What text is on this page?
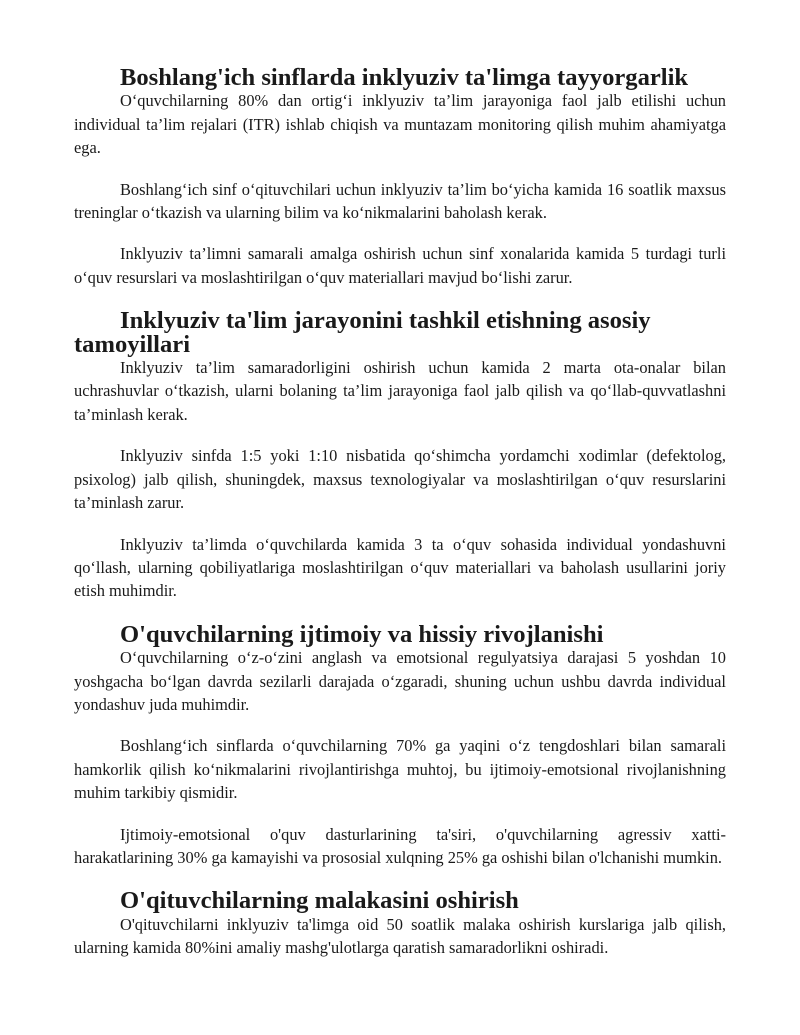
Boshlang'ich sinflarda inklyuziv ta'limga tayyorgarlik

O‘quvchilarning 80% dan ortig‘i inklyuziv ta’lim jarayoniga faol jalb etilishi uchun individual ta’lim rejalari (ITR) ishlab chiqish va muntazam monitoring qilish muhim ahamiyatga ega.

Boshlang‘ich sinf o‘qituvchilari uchun inklyuziv ta’lim bo‘yicha kamida 16 soatlik maxsus treninglar o‘tkazish va ularning bilim va ko‘nikmalarini baholash kerak.

Inklyuziv ta’limni samarali amalga oshirish uchun sinf xonalarida kamida 5 turdagi turli o‘quv resurslari va moslashtirilgan o‘quv materiallari mavjud bo‘lishi zarur.

Inklyuziv ta'lim jarayonini tashkil etishning asosiy tamoyillari

Inklyuziv ta’lim samaradorligini oshirish uchun kamida 2 marta ota-onalar bilan uchrashuvlar o‘tkazish, ularni bolaning ta’lim jarayoniga faol jalb qilish va qo‘llab-quvvatlashni ta’minlash kerak.

Inklyuziv sinfda 1:5 yoki 1:10 nisbatida qo‘shimcha yordamchi xodimlar (defektolog, psixolog) jalb qilish, shuningdek, maxsus texnologiyalar va moslashtirilgan o‘quv resurslarini ta’minlash zarur.

Inklyuziv ta’limda o‘quvchilarda kamida 3 ta o‘quv sohasida individual yondashuvni qo‘llash, ularning qobiliyatlariga moslashtirilgan o‘quv materiallari va baholash usullarini joriy etish muhimdir.

O'quvchilarning ijtimoiy va hissiy rivojlanishi

O‘quvchilarning o‘z-o‘zini anglash va emotsional regulyatsiya darajasi 5 yoshdan 10 yoshgacha bo‘lgan davrda sezilarli darajada o‘zgaradi, shuning uchun ushbu davrda individual yondashuv juda muhimdir.

Boshlang‘ich sinflarda o‘quvchilarning 70% ga yaqini o‘z tengdoshlari bilan samarali hamkorlik qilish ko‘nikmalarini rivojlantirishga muhtoj, bu ijtimoiy-emotsional rivojlanishning muhim tarkibiy qismidir.

Ijtimoiy-emotsional o'quv dasturlarining ta'siri, o'quvchilarning agressiv xatti-harakatlarining 30% ga kamayishi va prososial xulqning 25% ga oshishi bilan o'lchanishi mumkin.

O'qituvchilarning malakasini oshirish

O'qituvchilarni inklyuziv ta'limga oid 50 soatlik malaka oshirish kurslariga jalb qilish, ularning kamida 80%ini amaliy mashg'ulotlarga qaratish samaradorlikni oshiradi.
